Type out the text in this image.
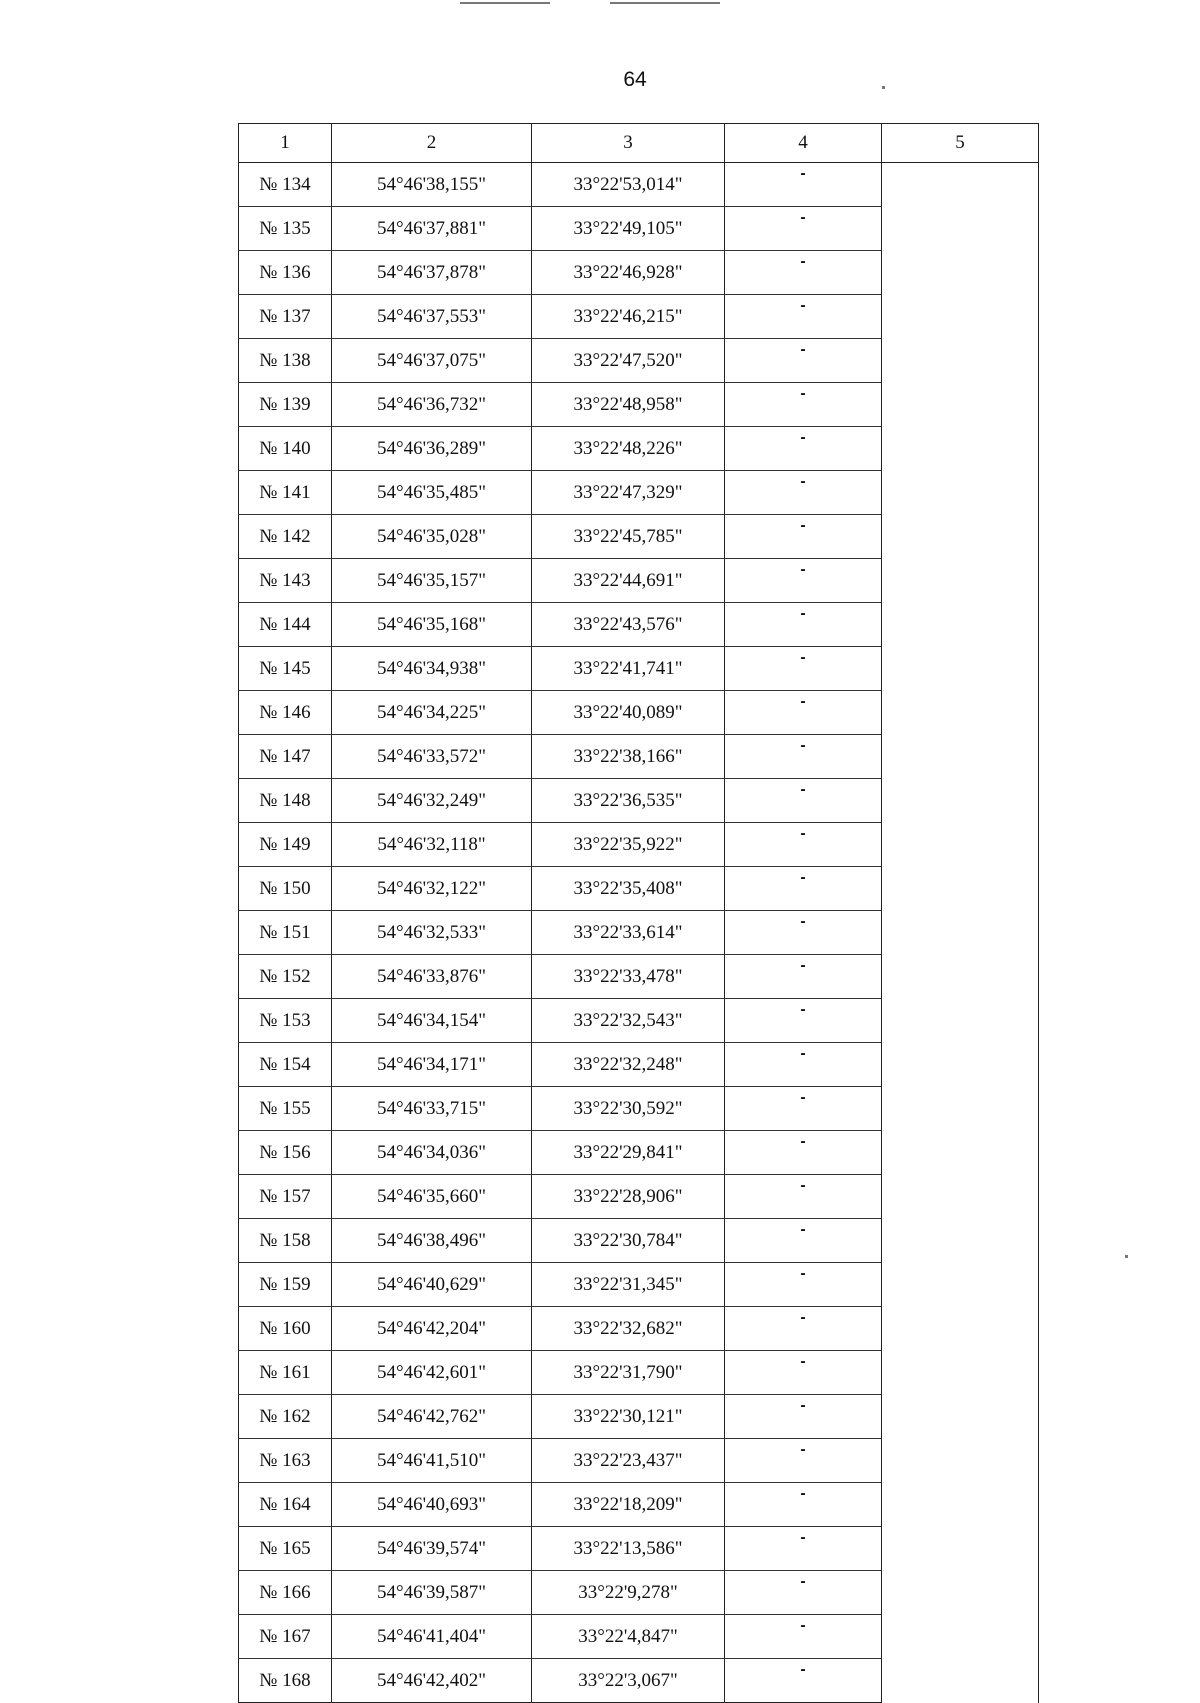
64
1	2	3	4	5
№ 134	54°46'38,155"	33°22'53,014"	-	
№ 135	54°46'37,881"	33°22'49,105"	-	
№ 136	54°46'37,878"	33°22'46,928"	-	
№ 137	54°46'37,553"	33°22'46,215"	-	
№ 138	54°46'37,075"	33°22'47,520"	-	
№ 139	54°46'36,732"	33°22'48,958"	-	
№ 140	54°46'36,289"	33°22'48,226"	-	
№ 141	54°46'35,485"	33°22'47,329"	-	
№ 142	54°46'35,028"	33°22'45,785"	-	
№ 143	54°46'35,157"	33°22'44,691"	-	
№ 144	54°46'35,168"	33°22'43,576"	-	
№ 145	54°46'34,938"	33°22'41,741"	-	
№ 146	54°46'34,225"	33°22'40,089"	-	
№ 147	54°46'33,572"	33°22'38,166"	-	
№ 148	54°46'32,249"	33°22'36,535"	-	
№ 149	54°46'32,118"	33°22'35,922"	-	
№ 150	54°46'32,122"	33°22'35,408"	-	
№ 151	54°46'32,533"	33°22'33,614"	-	
№ 152	54°46'33,876"	33°22'33,478"	-	
№ 153	54°46'34,154"	33°22'32,543"	-	
№ 154	54°46'34,171"	33°22'32,248"	-	
№ 155	54°46'33,715"	33°22'30,592"	-	
№ 156	54°46'34,036"	33°22'29,841"	-	
№ 157	54°46'35,660"	33°22'28,906"	-	
№ 158	54°46'38,496"	33°22'30,784"	-	
№ 159	54°46'40,629"	33°22'31,345"	-	
№ 160	54°46'42,204"	33°22'32,682"	-	
№ 161	54°46'42,601"	33°22'31,790"	-	
№ 162	54°46'42,762"	33°22'30,121"	-	
№ 163	54°46'41,510"	33°22'23,437"	-	
№ 164	54°46'40,693"	33°22'18,209"	-	
№ 165	54°46'39,574"	33°22'13,586"	-	
№ 166	54°46'39,587"	33°22'9,278"	-	
№ 167	54°46'41,404"	33°22'4,847"	-	
№ 168	54°46'42,402"	33°22'3,067"	-	
